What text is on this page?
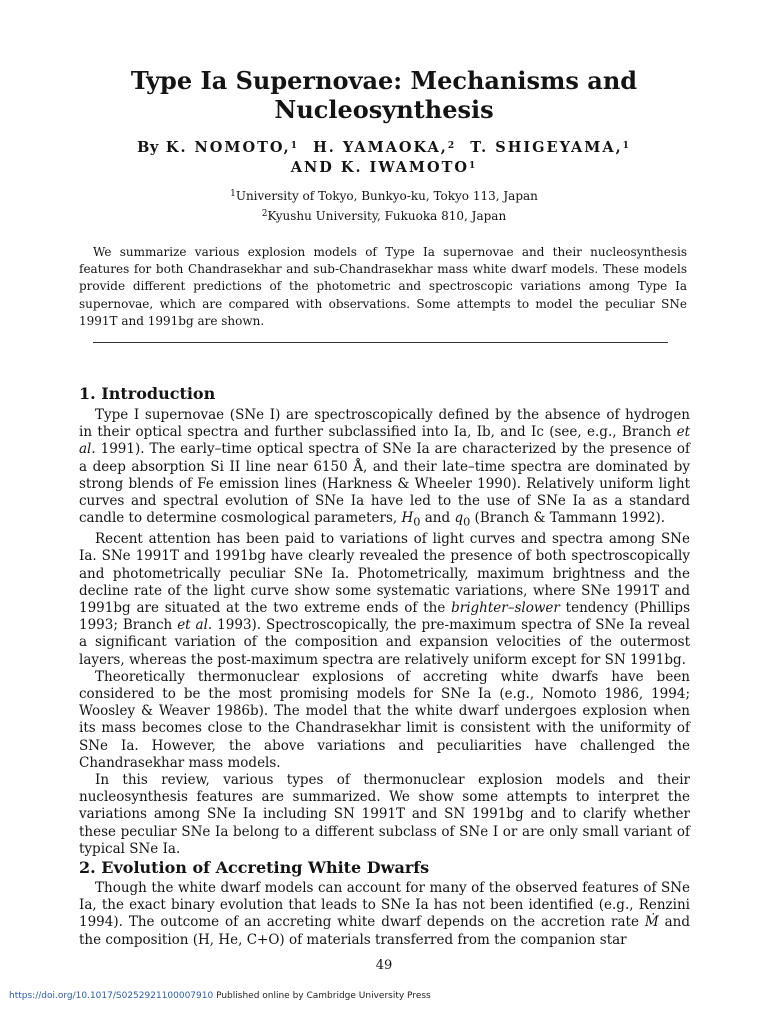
Type Ia Supernovae: Mechanisms and
Nucleosynthesis
By K. NOMOTO,$^1$ H. YAMAOKA,$^2$ T. SHIGEYAMA,$^1$
AND K. IWAMOTO$^1$
$^1$University of Tokyo, Bunkyo-ku, Tokyo 113, Japan
$^2$Kyushu University, Fukuoka 810, Japan

We summarize various explosion models of Type Ia supernovae and their nucleosynthesis features for both Chandrasekhar and sub-Chandrasekhar mass white dwarf models. These models provide different predictions of the photometric and spectroscopic variations among Type Ia supernovae, which are compared with observations. Some attempts to model the peculiar SNe 1991T and 1991bg are shown.

1. Introduction

Type I supernovae (SNe I) are spectroscopically defined by the absence of hydrogen in their optical spectra and further subclassified into Ia, Ib, and Ic (see, e.g., Branch et al. 1991). The early–time optical spectra of SNe Ia are characterized by the presence of a deep absorption Si II line near 6150 Å, and their late–time spectra are dominated by strong blends of Fe emission lines (Harkness & Wheeler 1990). Relatively uniform light curves and spectral evolution of SNe Ia have led to the use of SNe Ia as a standard candle to determine cosmological parameters, $H_0$ and $q_0$ (Branch & Tammann 1992).

Recent attention has been paid to variations of light curves and spectra among SNe Ia. SNe 1991T and 1991bg have clearly revealed the presence of both spectroscopically and photometrically peculiar SNe Ia. Photometrically, maximum brightness and the decline rate of the light curve show some systematic variations, where SNe 1991T and 1991bg are situated at the two extreme ends of the brighter–slower tendency (Phillips 1993; Branch et al. 1993). Spectroscopically, the pre-maximum spectra of SNe Ia reveal a significant variation of the composition and expansion velocities of the outermost layers, whereas the post-maximum spectra are relatively uniform except for SN 1991bg.

Theoretically thermonuclear explosions of accreting white dwarfs have been considered to be the most promising models for SNe Ia (e.g., Nomoto 1986, 1994; Woosley & Weaver 1986b). The model that the white dwarf undergoes explosion when its mass becomes close to the Chandrasekhar limit is consistent with the uniformity of SNe Ia. However, the above variations and peculiarities have challenged the Chandrasekhar mass models.

In this review, various types of thermonuclear explosion models and their nucleosynthesis features are summarized. We show some attempts to interpret the variations among SNe Ia including SN 1991T and SN 1991bg and to clarify whether these peculiar SNe Ia belong to a different subclass of SNe I or are only small variant of typical SNe Ia.

2. Evolution of Accreting White Dwarfs

Though the white dwarf models can account for many of the observed features of SNe Ia, the exact binary evolution that leads to SNe Ia has not been identified (e.g., Renzini 1994). The outcome of an accreting white dwarf depends on the accretion rate Ṁ and the composition (H, He, C+O) of materials transferred from the companion star

49
https://doi.org/10.1017/S0252921100007910 Published online by Cambridge University Press
